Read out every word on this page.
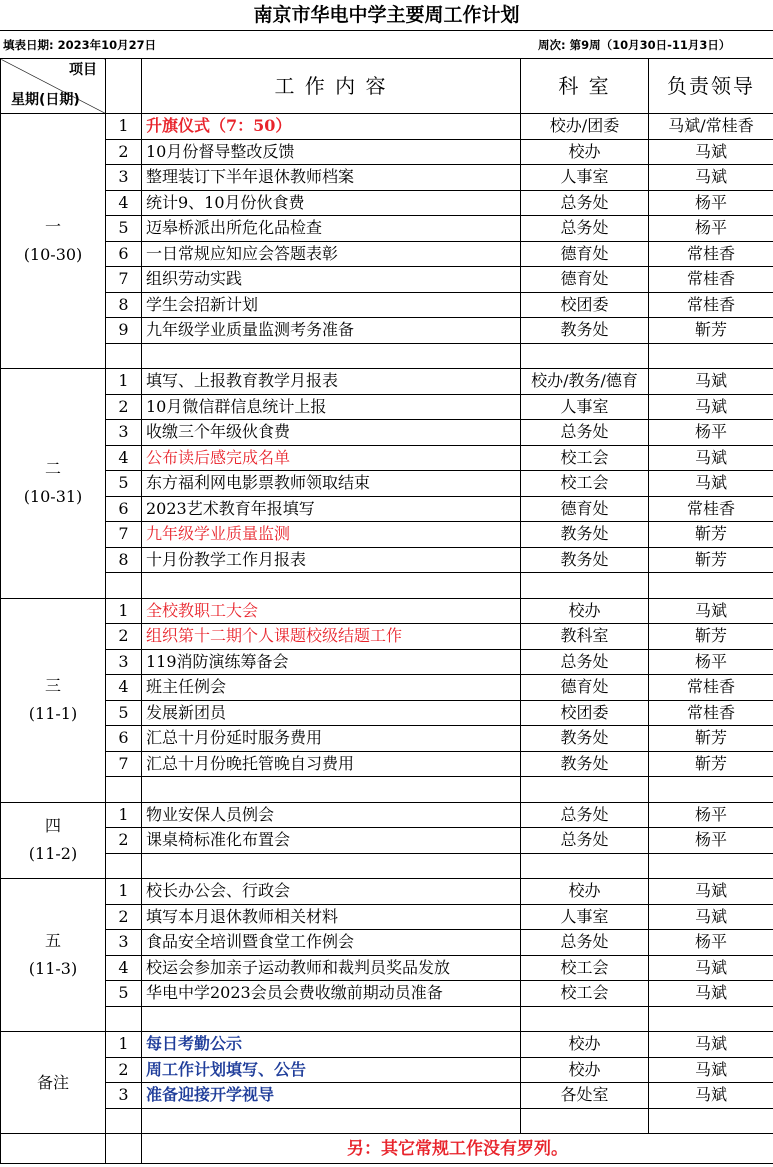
南京市华电中学主要周工作计划
填表日期: 2023年10月27日	周次: 第9周（10月30日-11月3日）
项目
星期(日期)		工 作 内 容	科 室	负责领导
一
(10-30)	1	升旗仪式（7：50）	校办/团委	马斌/常桂香
	2	10月份督导整改反馈	校办	马斌
	3	整理装订下半年退休教师档案	人事室	马斌
	4	统计9、10月份伙食费	总务处	杨平
	5	迈皋桥派出所危化品检查	总务处	杨平
	6	一日常规应知应会答题表彰	德育处	常桂香
	7	组织劳动实践	德育处	常桂香
	8	学生会招新计划	校团委	常桂香
	9	九年级学业质量监测考务准备	教务处	靳芳

二
(10-31)	1	填写、上报教育教学月报表	校办/教务/德育	马斌
	2	10月微信群信息统计上报	人事室	马斌
	3	收缴三个年级伙食费	总务处	杨平
	4	公布读后感完成名单	校工会	马斌
	5	东方福利网电影票教师领取结束	校工会	马斌
	6	2023艺术教育年报填写	德育处	常桂香
	7	九年级学业质量监测	教务处	靳芳
	8	十月份教学工作月报表	教务处	靳芳

三
(11-1)	1	全校教职工大会	校办	马斌
	2	组织第十二期个人课题校级结题工作	教科室	靳芳
	3	119消防演练筹备会	总务处	杨平
	4	班主任例会	德育处	常桂香
	5	发展新团员	校团委	常桂香
	6	汇总十月份延时服务费用	教务处	靳芳
	7	汇总十月份晚托管晚自习费用	教务处	靳芳

四
(11-2)	1	物业安保人员例会	总务处	杨平
	2	课桌椅标准化布置会	总务处	杨平

五
(11-3)	1	校长办公会、行政会	校办	马斌
	2	填写本月退休教师相关材料	人事室	马斌
	3	食品安全培训暨食堂工作例会	总务处	杨平
	4	校运会参加亲子运动教师和裁判员奖品发放	校工会	马斌
	5	华电中学2023会员会费收缴前期动员准备	校工会	马斌

备注	1	每日考勤公示	校办	马斌
	2	周工作计划填写、公告	校办	马斌
	3	准备迎接开学视导	各处室	马斌

		另：其它常规工作没有罗列。		
